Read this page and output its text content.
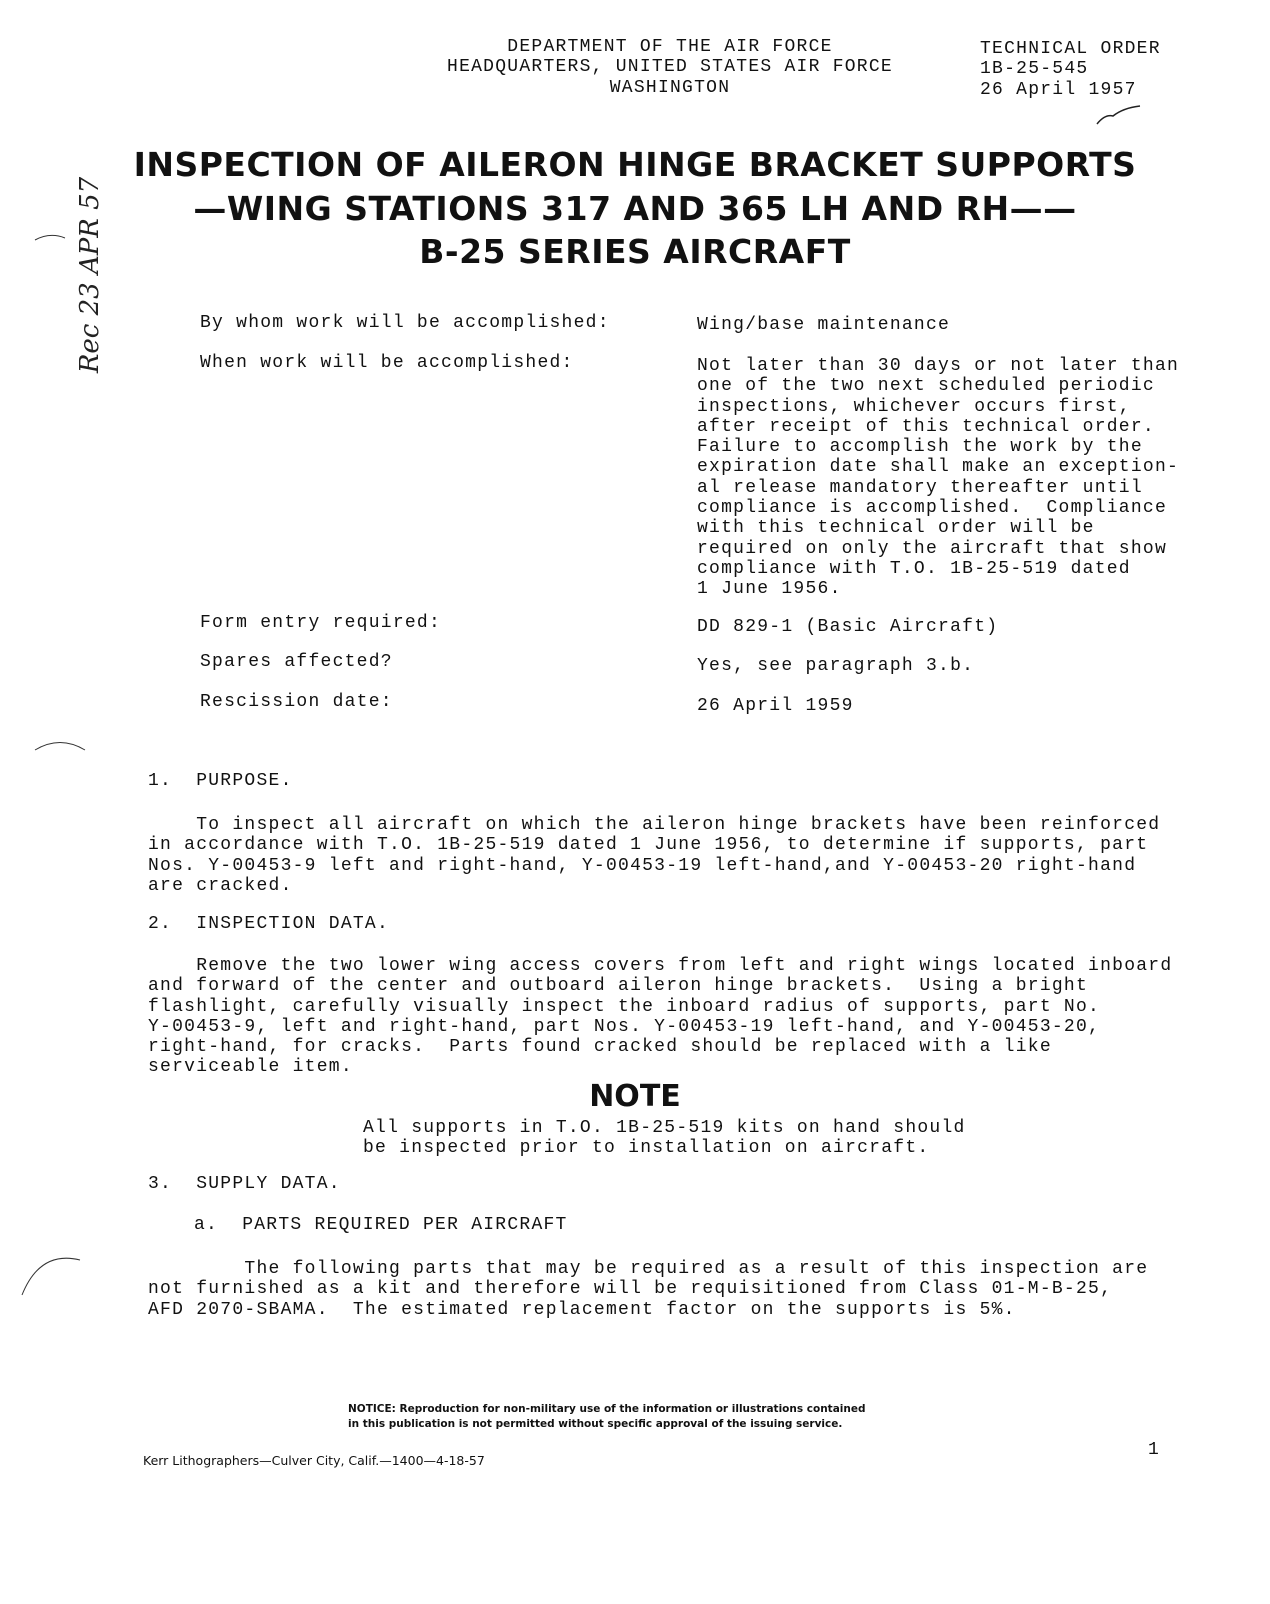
DEPARTMENT OF THE AIR FORCE
HEADQUARTERS, UNITED STATES AIR FORCE
WASHINGTON
TECHNICAL ORDER
1B-25-545
26 April 1957
Rec 23 APR 57
INSPECTION OF AILERON HINGE BRACKET SUPPORTS
—WING STATIONS 317 AND 365 LH AND RH——
B-25 SERIES AIRCRAFT
By whom work will be accomplished:	Wing/base maintenance
When work will be accomplished:	Not later than 30 days or not later than
one of the two next scheduled periodic
inspections, whichever occurs first,
after receipt of this technical order.
Failure to accomplish the work by the
expiration date shall make an exception-
al release mandatory thereafter until
compliance is accomplished.  Compliance
with this technical order will be
required on only the aircraft that show
compliance with T.O. 1B-25-519 dated
1 June 1956.
Form entry required:	DD 829-1 (Basic Aircraft)
Spares affected?	Yes, see paragraph 3.b.
Rescission date:	26 April 1959
1.  PURPOSE.
To inspect all aircraft on which the aileron hinge brackets have been reinforced
in accordance with T.O. 1B-25-519 dated 1 June 1956, to determine if supports, part
Nos. Y-00453-9 left and right-hand, Y-00453-19 left-hand,and Y-00453-20 right-hand
are cracked.
2.  INSPECTION DATA.
Remove the two lower wing access covers from left and right wings located inboard
and forward of the center and outboard aileron hinge brackets.  Using a bright
flashlight, carefully visually inspect the inboard radius of supports, part No.
Y-00453-9, left and right-hand, part Nos. Y-00453-19 left-hand, and Y-00453-20,
right-hand, for cracks.  Parts found cracked should be replaced with a like
serviceable item.
NOTE
All supports in T.O. 1B-25-519 kits on hand should
be inspected prior to installation on aircraft.
3.  SUPPLY DATA.
a.  PARTS REQUIRED PER AIRCRAFT
The following parts that may be required as a result of this inspection are
not furnished as a kit and therefore will be requisitioned from Class 01-M-B-25,
AFD 2070-SBAMA.  The estimated replacement factor on the supports is 5%.
NOTICE: Reproduction for non-military use of the information or illustrations contained
in this publication is not permitted without specific approval of the issuing service.
Kerr Lithographers—Culver City, Calif.—1400—4-18-57
1
